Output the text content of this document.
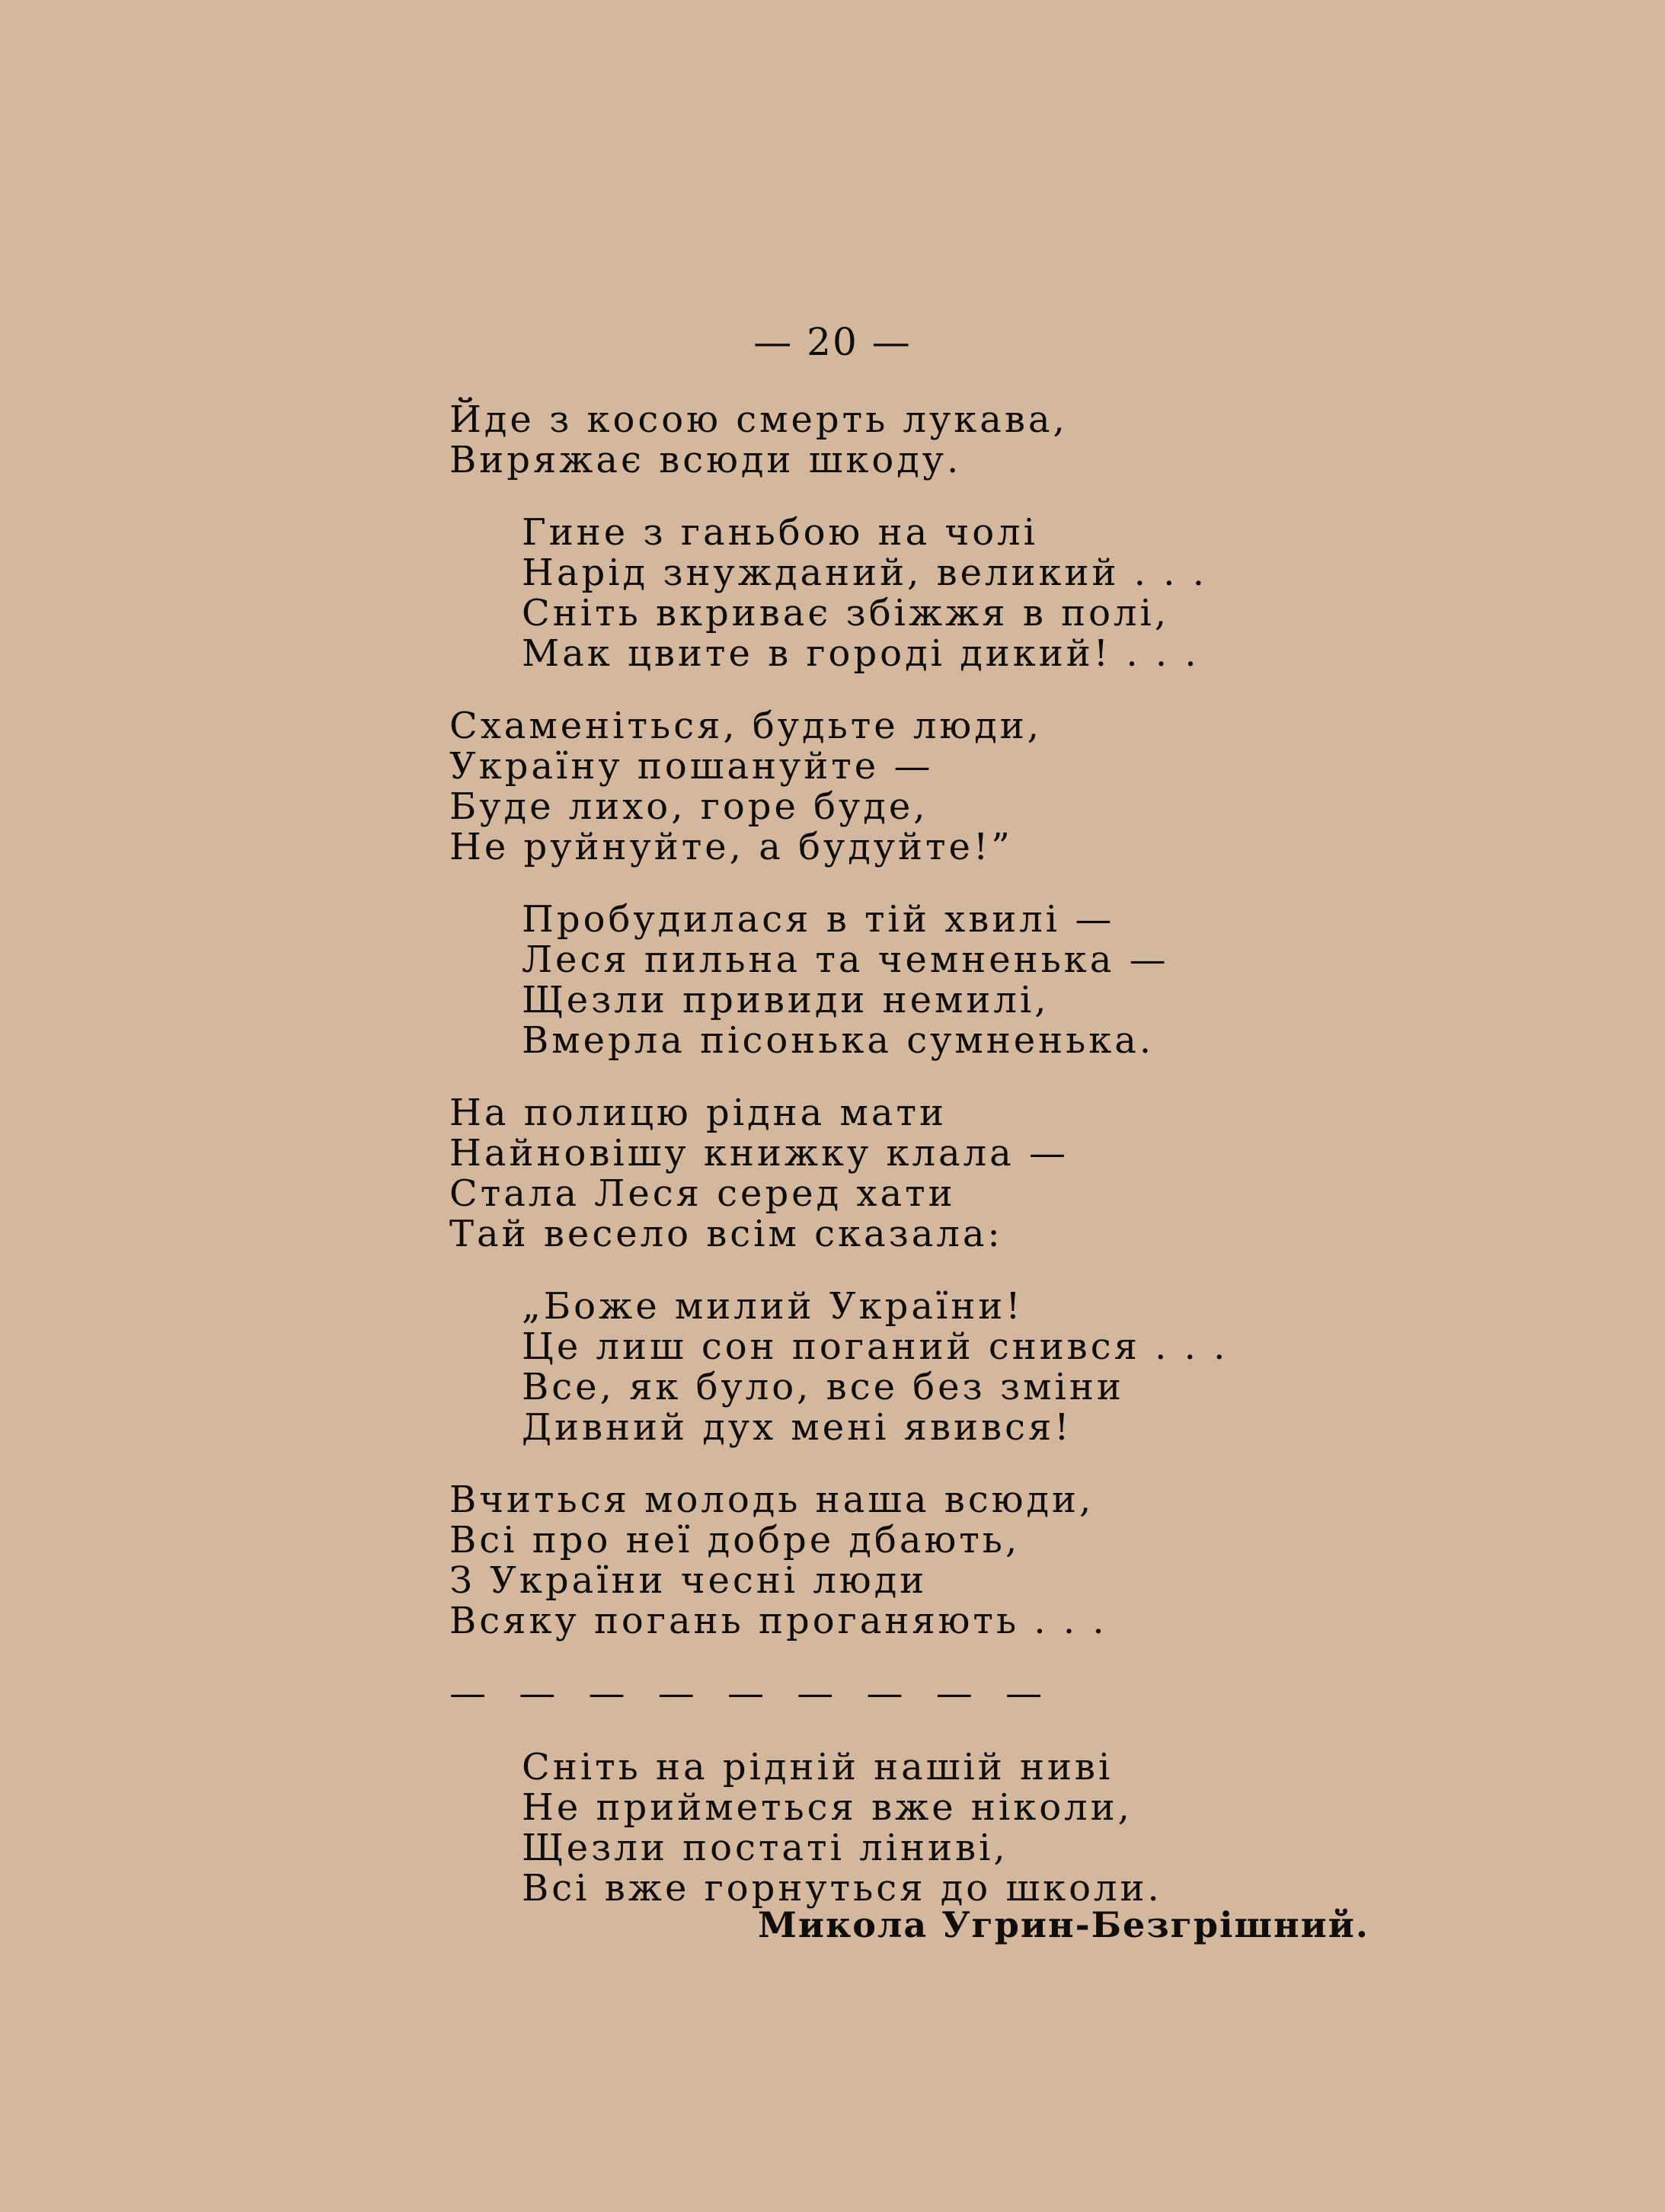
— 20 —
Йде з косою смерть лукава,
Виряжає всюди шкоду.
Гине з ганьбою на чолі
Нарід знужданий, великий . . .
Сніть вкриває збіжжя в полі,
Мак цвите в городі дикий! . . .
Схаменіться, будьте люди,
Україну пошануйте —
Буде лихо, горе буде,
Не руйнуйте, а будуйте!”
Пробудилася в тій хвилі —
Леся пильна та чемненька —
Щезли привиди немилі,
Вмерла пісонька сумненька.
На полицю рідна мати
Найновішу книжку клала —
Стала Леся серед хати
Тай весело всім сказала:
„Боже милий України!
Це лиш сон поганий снився . . .
Все, як було, все без зміни
Дивний дух мені явився!
Вчиться молодь наша всюди,
Всі про неї добре дбають,
З України чесні люди
Всяку погань проганяють . . .
— — — — — — — — —
Сніть на рідній нашій ниві
Не прийметься вже ніколи,
Щезли постаті ліниві,
Всі вже горнуться до школи.
Микола Угрин-Безгрішний.
